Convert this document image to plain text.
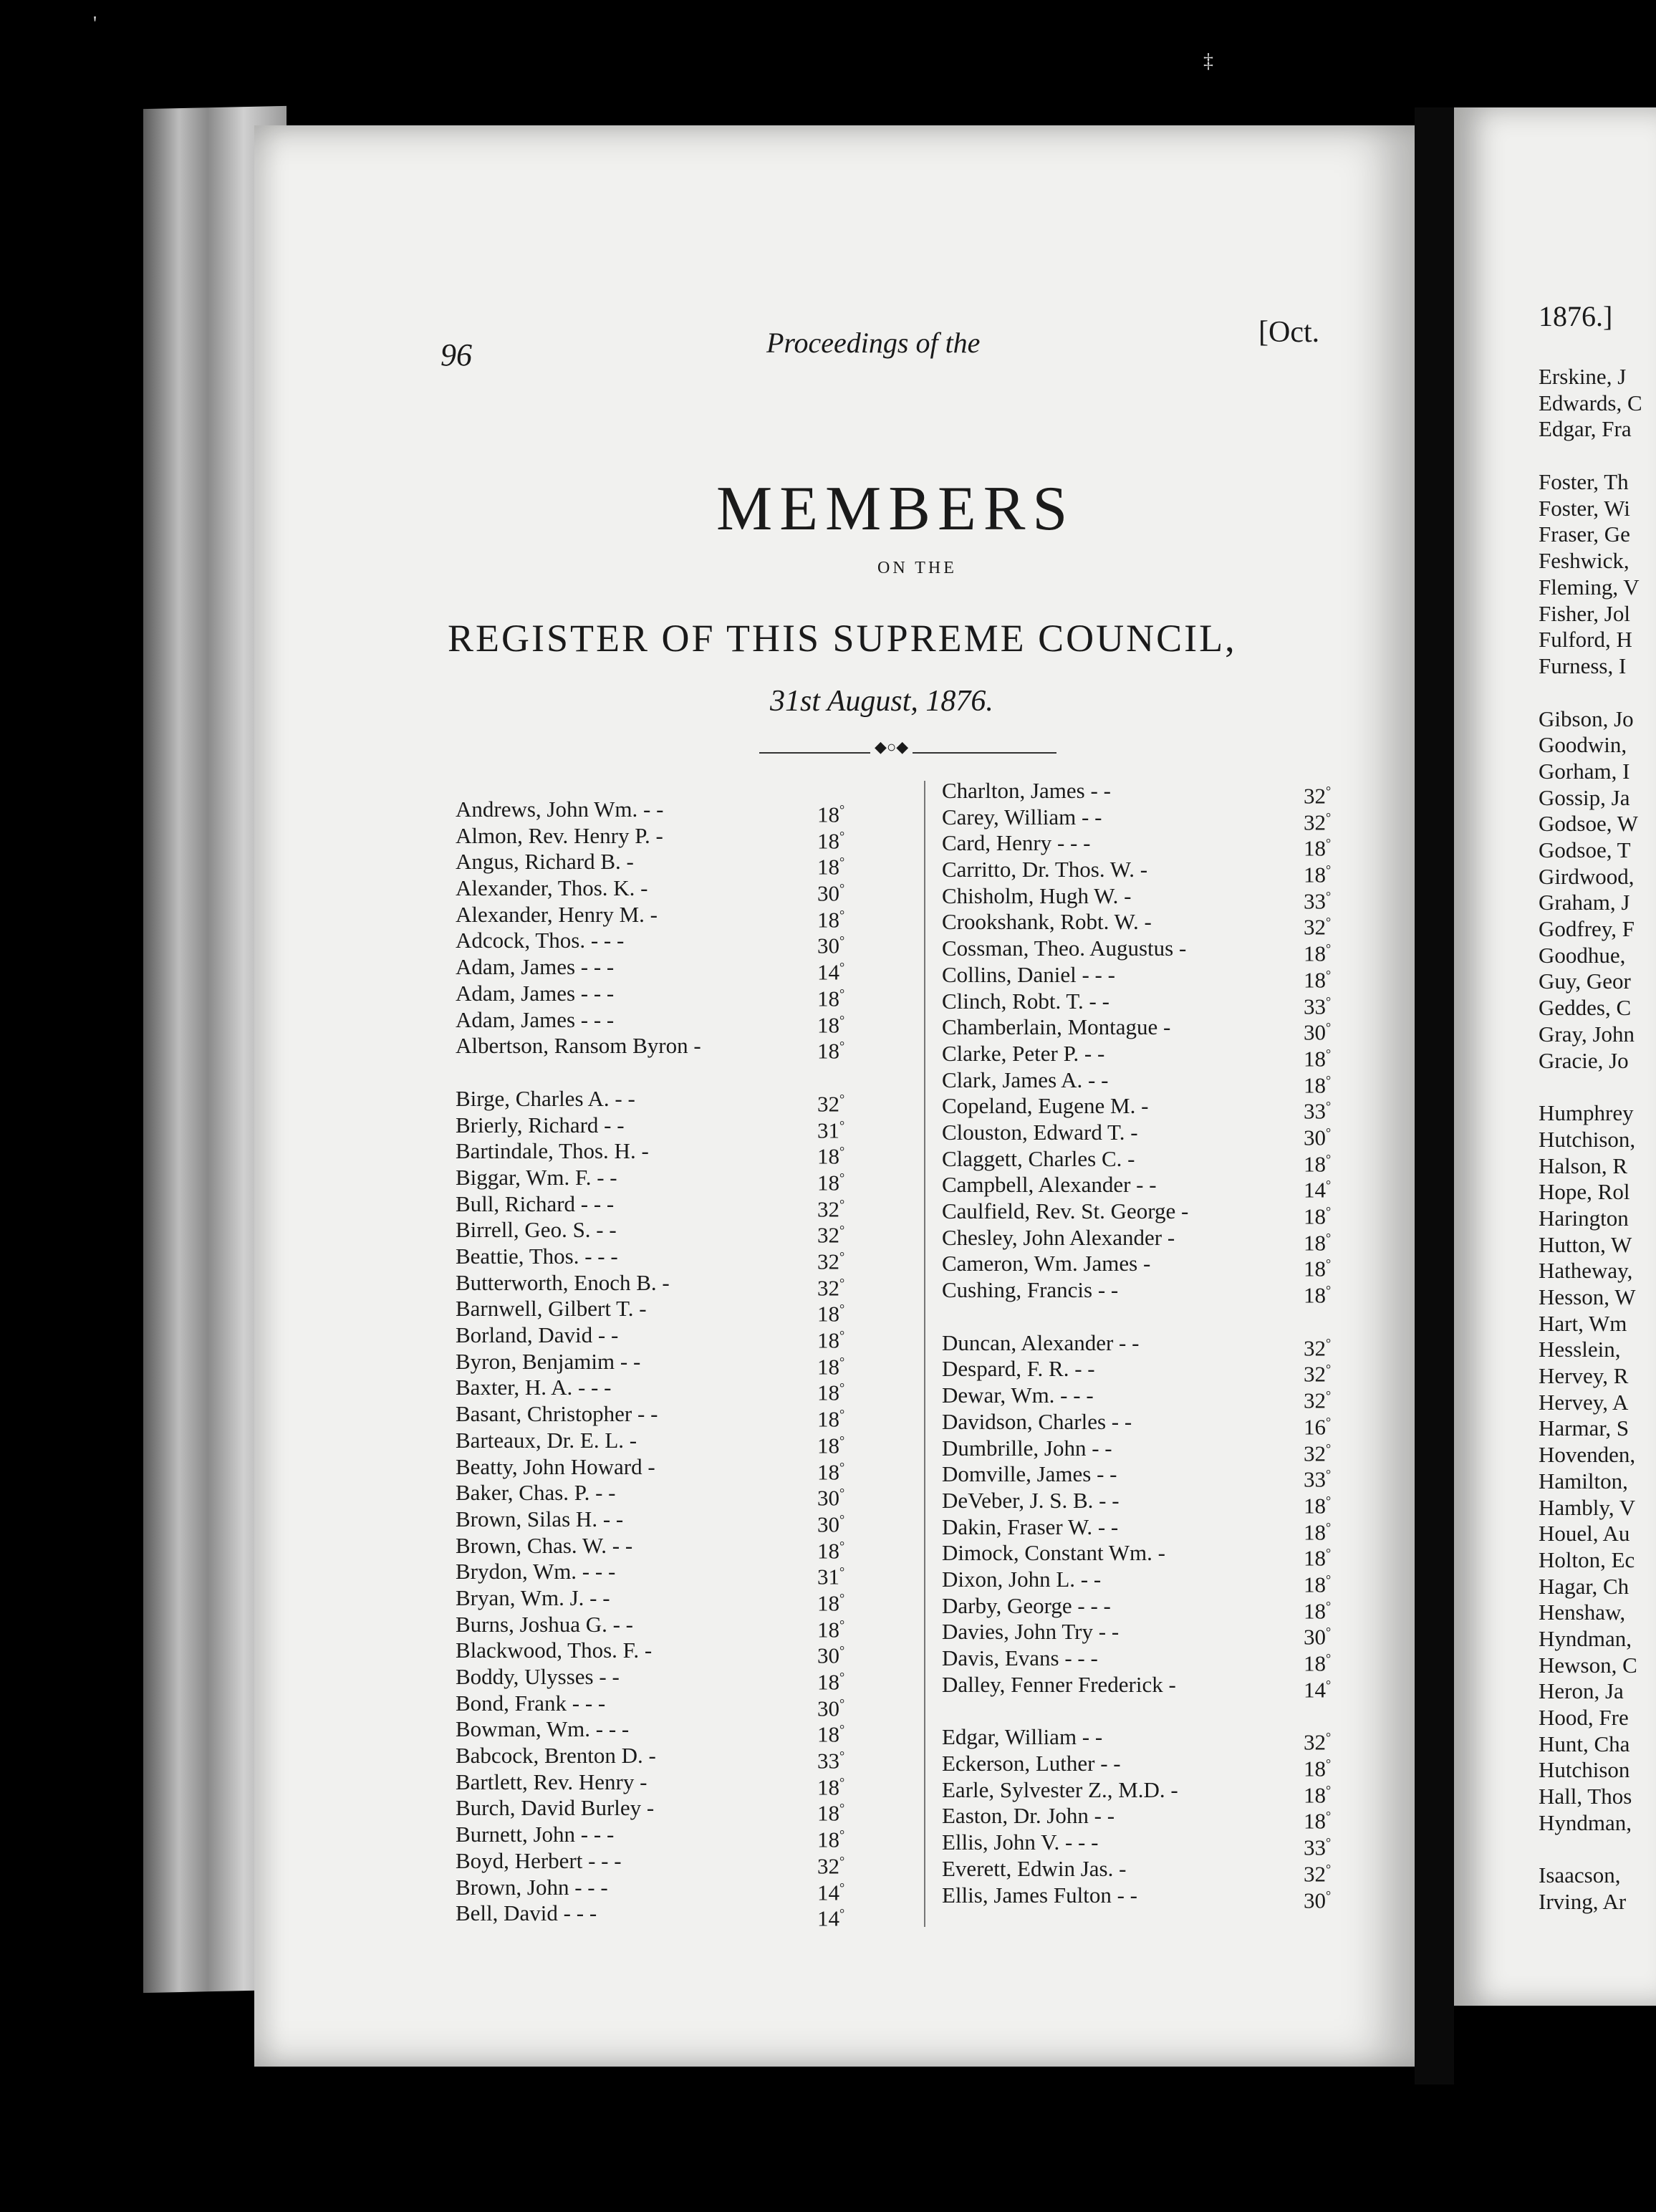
96	Proceedings of the	[Oct.
MEMBERS
ON THE
REGISTER OF THIS SUPREME COUNCIL,
31st August, 1876.
◆○◆
Andrews, John Wm. - -	18°
Almon, Rev. Henry P. -	18°
Angus, Richard B. -	18°
Alexander, Thos. K. -	30°
Alexander, Henry M. -	18°
Adcock, Thos. - - -	30°
Adam, James - - -	14°
Adam, James - - -	18°
Adam, James - - -	18°
Albertson, Ransom Byron -	18°
Birge, Charles A. - -	32°
Brierly, Richard - -	31°
Bartindale, Thos. H. -	18°
Biggar, Wm. F. - -	18°
Bull, Richard - - -	32°
Birrell, Geo. S. - -	32°
Beattie, Thos. - - -	32°
Butterworth, Enoch B. -	32°
Barnwell, Gilbert T. -	18°
Borland, David - -	18°
Byron, Benjamim - -	18°
Baxter, H. A. - - -	18°
Basant, Christopher - -	18°
Barteaux, Dr. E. L. -	18°
Beatty, John Howard -	18°
Baker, Chas. P. - -	30°
Brown, Silas H. - -	30°
Brown, Chas. W. - -	18°
Brydon, Wm. - - -	31°
Bryan, Wm. J. - -	18°
Burns, Joshua G. - -	18°
Blackwood, Thos. F. -	30°
Boddy, Ulysses - -	18°
Bond, Frank - - -	30°
Bowman, Wm. - - -	18°
Babcock, Brenton D. -	33°
Bartlett, Rev. Henry -	18°
Burch, David Burley -	18°
Burnett, John - - -	18°
Boyd, Herbert - - -	32°
Brown, John - - -	14°
Bell, David - - -	14°
Charlton, James - -	32°
Carey, William - -	32°
Card, Henry - - -	18°
Carritto, Dr. Thos. W. -	18°
Chisholm, Hugh W. -	33°
Crookshank, Robt. W. -	32°
Cossman, Theo. Augustus -	18°
Collins, Daniel - - -	18°
Clinch, Robt. T. - -	33°
Chamberlain, Montague -	30°
Clarke, Peter P. - -	18°
Clark, James A. - -	18°
Copeland, Eugene M. -	33°
Clouston, Edward T. -	30°
Claggett, Charles C. -	18°
Campbell, Alexander - -	14°
Caulfield, Rev. St. George -	18°
Chesley, John Alexander -	18°
Cameron, Wm. James -	18°
Cushing, Francis - -	18°
Duncan, Alexander - -	32°
Despard, F. R. - -	32°
Dewar, Wm. - - -	32°
Davidson, Charles - -	16°
Dumbrille, John - -	32°
Domville, James - -	33°
DeVeber, J. S. B. - -	18°
Dakin, Fraser W. - -	18°
Dimock, Constant Wm. -	18°
Dixon, John L. - -	18°
Darby, George - - -	18°
Davies, John Try - -	30°
Davis, Evans - - -	18°
Dalley, Fenner Frederick -	14°
Edgar, William - -	32°
Eckerson, Luther - -	18°
Earle, Sylvester Z., M.D. -	18°
Easton, Dr. John - -	18°
Ellis, John V. - - -	33°
Everett, Edwin Jas. -	32°
Ellis, James Fulton - -	30°
1876.]
Erskine, J
Edwards, C
Edgar, Fra
Foster, Th
Foster, Wi
Fraser, Ge
Feshwick,
Fleming, V
Fisher, Jol
Fulford, H
Furness, I
Gibson, Jo
Goodwin,
Gorham, I
Gossip, Ja
Godsoe, W
Godsoe, T
Girdwood,
Graham, J
Godfrey, F
Goodhue,
Guy, Geor
Geddes, C
Gray, John
Gracie, Jo
Humphrey
Hutchison,
Halson, R
Hope, Rol
Harington
Hutton, W
Hatheway,
Hesson, W
Hart, Wm
Hesslein,
Hervey, R
Hervey, A
Harmar, S
Hovenden,
Hamilton,
Hambly, V
Houel, Au
Holton, Ec
Hagar, Ch
Henshaw,
Hyndman,
Hewson, C
Heron, Ja
Hood, Fre
Hunt, Cha
Hutchison
Hall, Thos
Hyndman,
Isaacson,
Irving, Ar
'
‡
